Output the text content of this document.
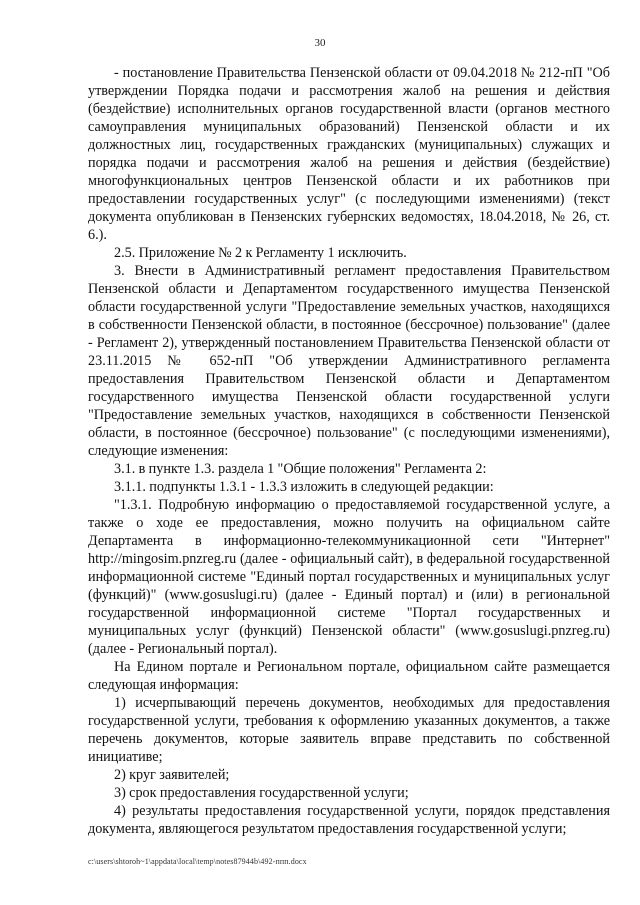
30

- постановление Правительства Пензенской области от 09.04.2018 № 212-пП "Об утверждении Порядка подачи и рассмотрения жалоб на решения и действия (бездействие) исполнительных органов государственной власти (органов местного самоуправления муниципальных образований) Пензенской области и их должностных лиц, государственных гражданских (муниципальных) служащих и порядка подачи и рассмотрения жалоб на решения и действия (бездействие) многофункциональных центров Пензенской области и их работников при предоставлении государственных услуг" (с последующими изменениями) (текст документа опубликован в Пензенских губернских ведомостях, 18.04.2018, № 26, ст. 6.).

2.5. Приложение № 2 к Регламенту 1 исключить.

3. Внести в Административный регламент предоставления Правительством Пензенской области и Департаментом государственного имущества Пензенской области государственной услуги "Предоставление земельных участков, находящихся в собственности Пензенской области, в постоянное (бессрочное) пользование" (далее - Регламент 2), утвержденный постановлением Правительства Пензенской области от 23.11.2015 № 652-пП "Об утверждении Административного регламента предоставления Правительством Пензенской области и Департаментом государственного имущества Пензенской области государственной услуги "Предоставление земельных участков, находящихся в собственности Пензенской области, в постоянное (бессрочное) пользование" (с последующими изменениями), следующие изменения:

3.1. в пункте 1.3. раздела 1 "Общие положения" Регламента 2:

3.1.1. подпункты 1.3.1 - 1.3.3 изложить в следующей редакции:

"1.3.1. Подробную информацию о предоставляемой государственной услуге, а также о ходе ее предоставления, можно получить на официальном сайте Департамента в информационно-телекоммуникационной сети "Интернет" http://mingosim.pnzreg.ru (далее - официальный сайт), в федеральной государственной информационной системе "Единый портал государственных и муниципальных услуг (функций)" (www.gosuslugi.ru) (далее - Единый портал) и (или) в региональной государственной информационной системе "Портал государственных и муниципальных услуг (функций) Пензенской области" (www.gosuslugi.pnzreg.ru) (далее - Региональный портал).

На Едином портале и Региональном портале, официальном сайте размещается следующая информация:

1) исчерпывающий перечень документов, необходимых для предоставления государственной услуги, требования к оформлению указанных документов, а также перечень документов, которые заявитель вправе представить по собственной инициативе;

2) круг заявителей;

3) срок предоставления государственной услуги;

4) результаты предоставления государственной услуги, порядок представления документа, являющегося результатом предоставления государственной услуги;

c:\users\shtoroh~1\appdata\local\temp\notes87944b\492-ппп.docx
